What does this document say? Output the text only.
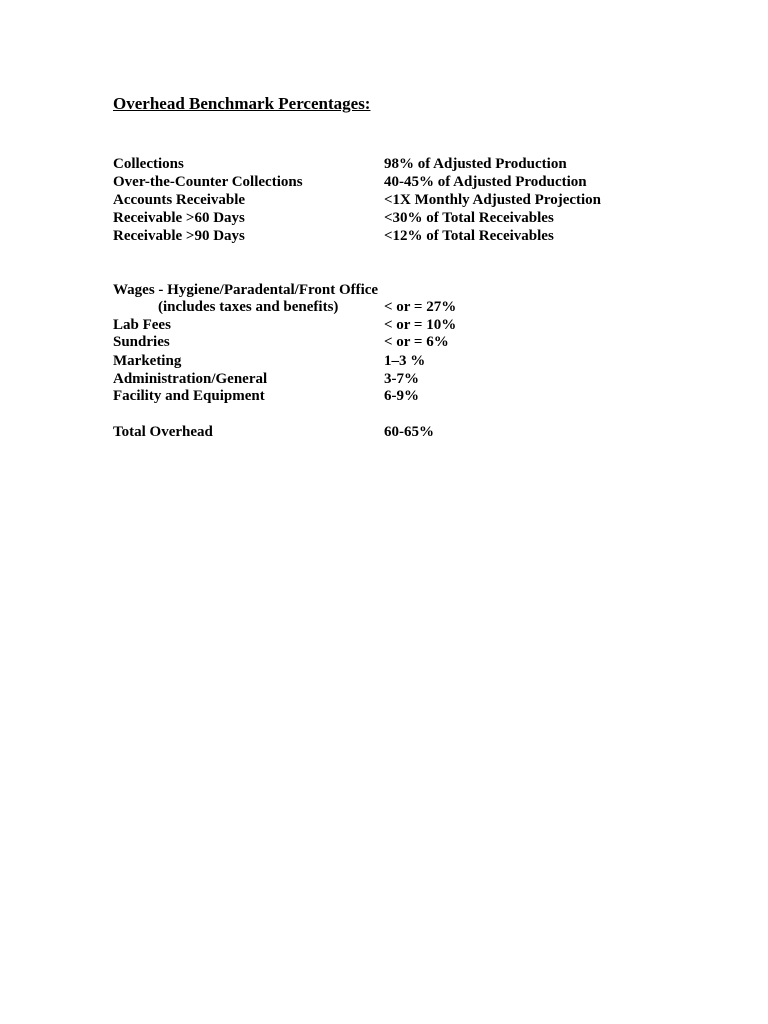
Overhead Benchmark Percentages:
Collections	98% of Adjusted Production
Over-the-Counter Collections	40-45% of Adjusted Production
Accounts Receivable	<1X Monthly Adjusted Projection
Receivable >60 Days	<30% of Total Receivables
Receivable >90 Days	<12% of Total Receivables
Wages - Hygiene/Paradental/Front Office
(includes taxes and benefits)	< or = 27%
Lab Fees	< or = 10%
Sundries	< or = 6%
Marketing	1–3 %
Administration/General	3-7%
Facility and Equipment	6-9%
Total Overhead	60-65%
